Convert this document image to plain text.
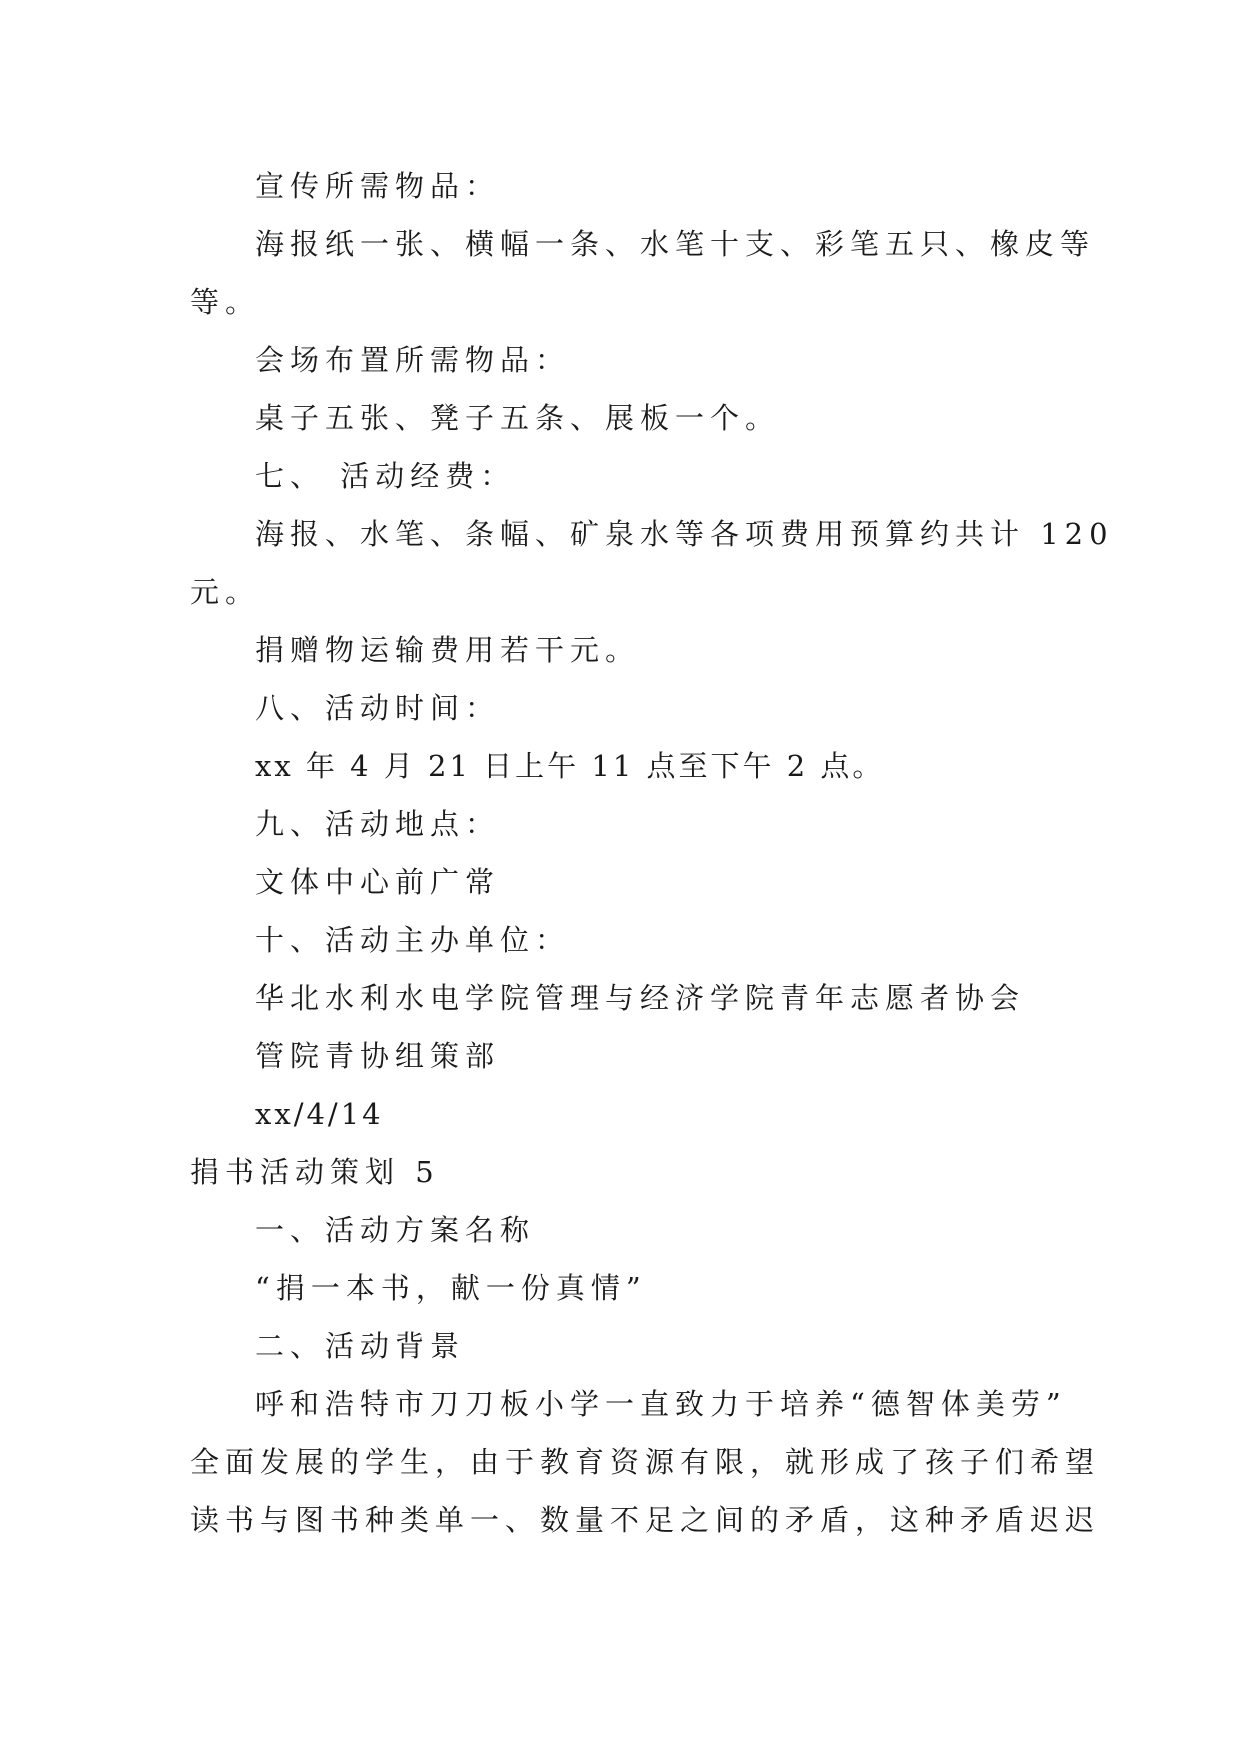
宣传所需物品：

海报纸一张、横幅一条、水笔十支、彩笔五只、橡皮等

等。

会场布置所需物品：

桌子五张、凳子五条、展板一个。

七、 活动经费：

海报、水笔、条幅、矿泉水等各项费用预算约共计 120

元。

捐赠物运输费用若干元。

八、活动时间：

xx 年 4 月 21 日上午 11 点至下午 2 点。

九、活动地点：

文体中心前广常

十、活动主办单位：

华北水利水电学院管理与经济学院青年志愿者协会

管院青协组策部

xx/4/14

捐书活动策划 5

一、活动方案名称

“捐一本书，献一份真情”

二、活动背景

呼和浩特市刀刀板小学一直致力于培养“德智体美劳”

全面发展的学生，由于教育资源有限，就形成了孩子们希望

读书与图书种类单一、数量不足之间的矛盾，这种矛盾迟迟
